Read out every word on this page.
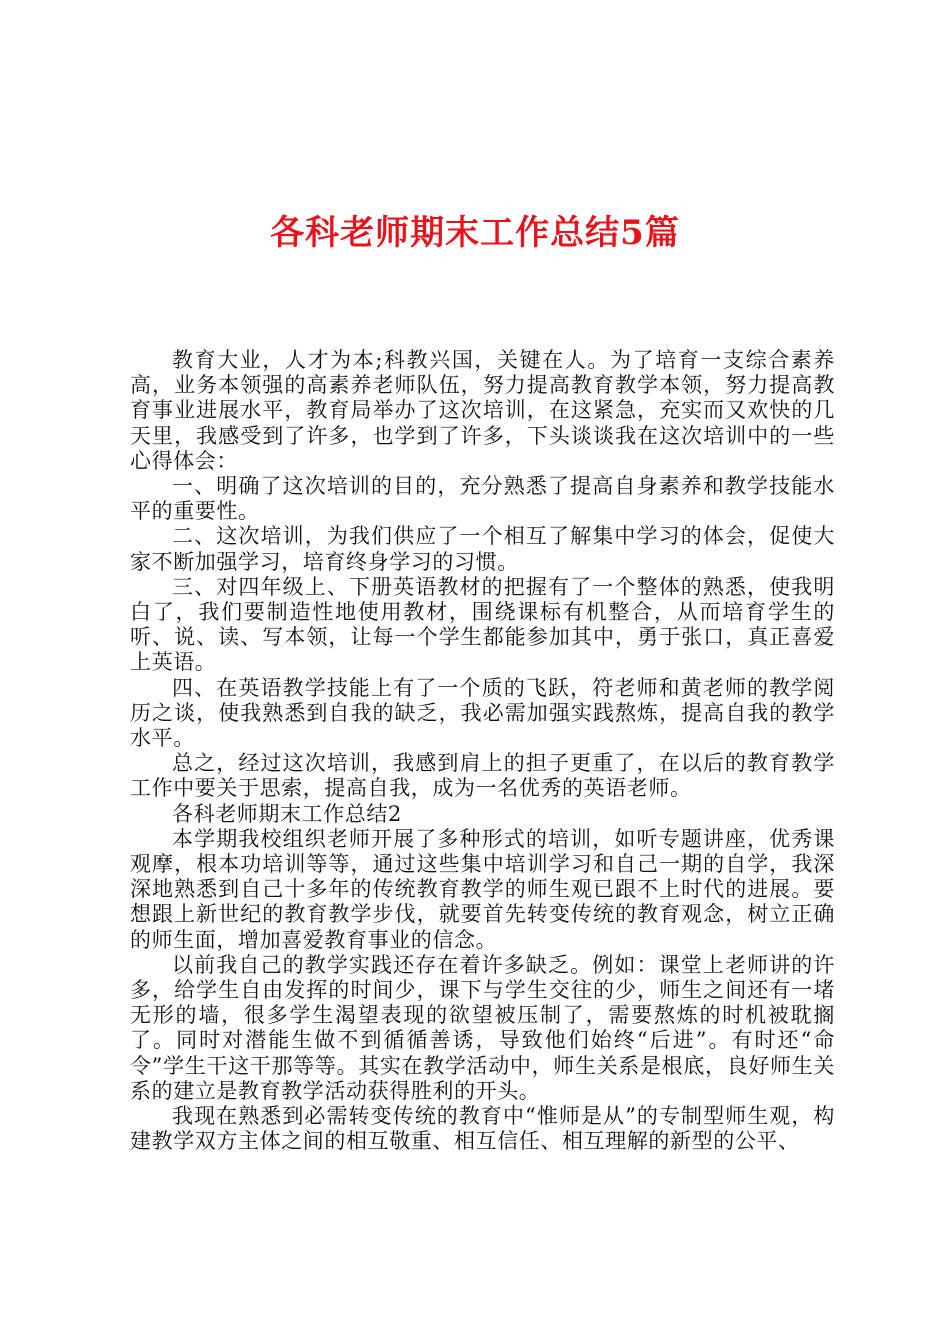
各科老师期末工作总结5篇

教育大业，人才为本;科教兴国，关键在人。为了培育一支综合素养高，业务本领强的高素养老师队伍，努力提高教育教学本领，努力提高教育事业进展水平，教育局举办了这次培训，在这紧急，充实而又欢快的几天里，我感受到了许多，也学到了许多，下头谈谈我在这次培训中的一些心得体会：

一、明确了这次培训的目的，充分熟悉了提高自身素养和教学技能水平的重要性。

二、这次培训，为我们供应了一个相互了解集中学习的体会，促使大家不断加强学习，培育终身学习的习惯。

三、对四年级上、下册英语教材的把握有了一个整体的熟悉，使我明白了，我们要制造性地使用教材，围绕课标有机整合，从而培育学生的听、说、读、写本领，让每一个学生都能参加其中，勇于张口，真正喜爱上英语。

四、在英语教学技能上有了一个质的飞跃，符老师和黄老师的教学阅历之谈，使我熟悉到自我的缺乏，我必需加强实践熬炼，提高自我的教学水平。

总之，经过这次培训，我感到肩上的担子更重了，在以后的教育教学工作中要关于思索，提高自我，成为一名优秀的英语老师。

各科老师期末工作总结2

本学期我校组织老师开展了多种形式的培训，如听专题讲座，优秀课观摩，根本功培训等等，通过这些集中培训学习和自己一期的自学，我深深地熟悉到自己十多年的传统教育教学的师生观已跟不上时代的进展。要想跟上新世纪的教育教学步伐，就要首先转变传统的教育观念，树立正确的师生面，增加喜爱教育事业的信念。

以前我自己的教学实践还存在着许多缺乏。例如：课堂上老师讲的许多，给学生自由发挥的时间少，课下与学生交往的少，师生之间还有一堵无形的墙，很多学生渴望表现的欲望被压制了，需要熬炼的时机被耽搁了。同时对潜能生做不到循循善诱，导致他们始终“后进”。有时还“命令”学生干这干那等等。其实在教学活动中，师生关系是根底，良好师生关系的建立是教育教学活动获得胜利的开头。

我现在熟悉到必需转变传统的教育中“惟师是从”的专制型师生观，构建教学双方主体之间的相互敬重、相互信任、相互理解的新型的公平、
